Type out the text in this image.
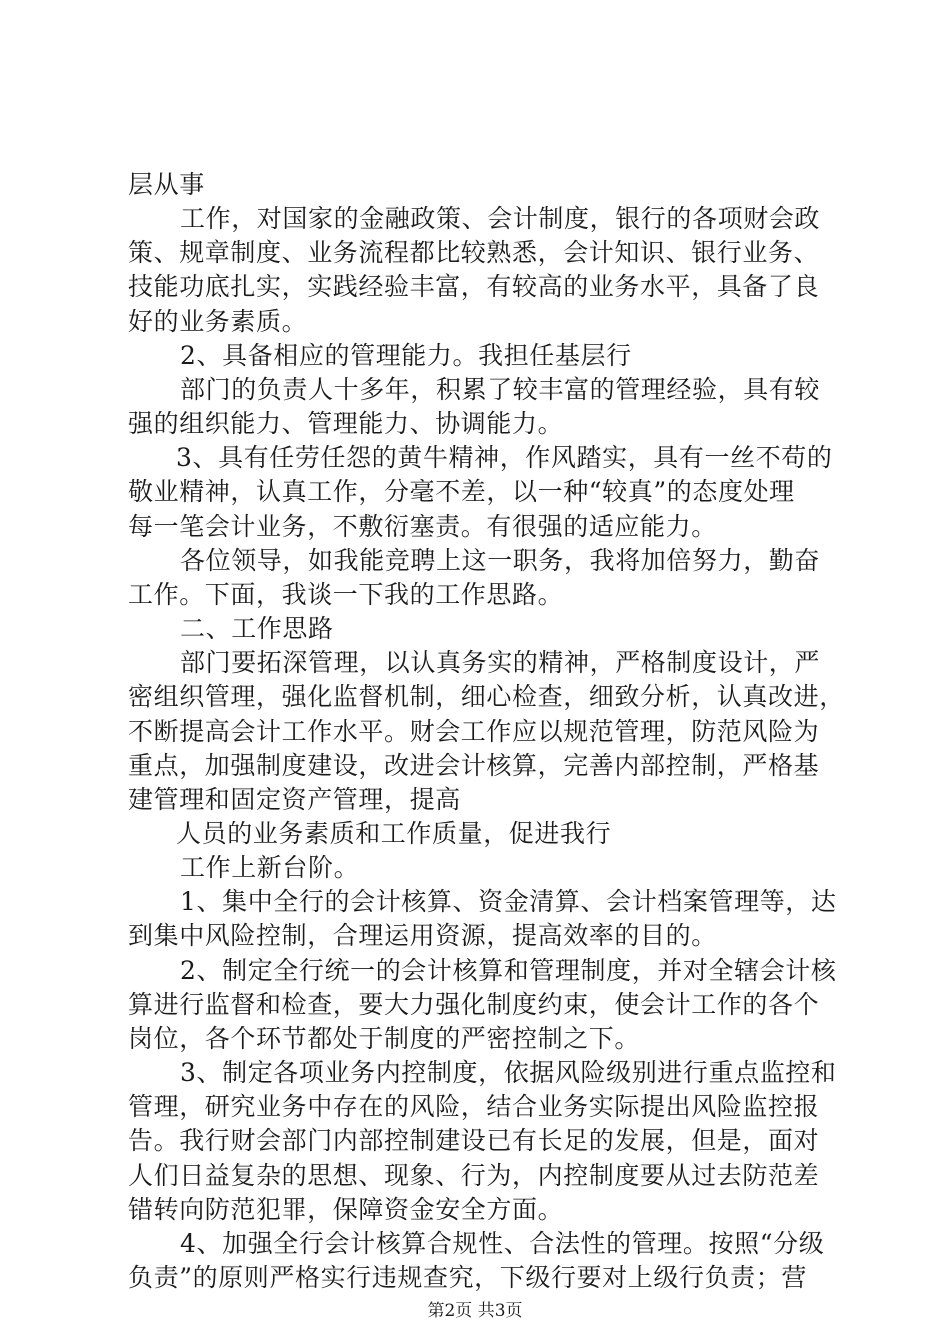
层从事
工作，对国家的金融政策、会计制度，银行的各项财会政
策、规章制度、业务流程都比较熟悉，会计知识、银行业务、
技能功底扎实，实践经验丰富，有较高的业务水平，具备了良
好的业务素质。
2、具备相应的管理能力。我担任基层行
部门的负责人十多年，积累了较丰富的管理经验，具有较
强的组织能力、管理能力、协调能力。
3、具有任劳任怨的黄牛精神，作风踏实，具有一丝不苟的
敬业精神，认真工作，分毫不差，以一种“较真”的态度处理
每一笔会计业务，不敷衍塞责。有很强的适应能力。
各位领导，如我能竞聘上这一职务，我将加倍努力，勤奋
工作。下面，我谈一下我的工作思路。
二、工作思路
部门要拓深管理，以认真务实的精神，严格制度设计，严
密组织管理，强化监督机制，细心检查，细致分析，认真改进，
不断提高会计工作水平。财会工作应以规范管理，防范风险为
重点，加强制度建设，改进会计核算，完善内部控制，严格基
建管理和固定资产管理，提高
人员的业务素质和工作质量，促进我行
工作上新台阶。
1、集中全行的会计核算、资金清算、会计档案管理等，达
到集中风险控制，合理运用资源，提高效率的目的。
2、制定全行统一的会计核算和管理制度，并对全辖会计核
算进行监督和检查，要大力强化制度约束，使会计工作的各个
岗位，各个环节都处于制度的严密控制之下。
3、制定各项业务内控制度，依据风险级别进行重点监控和
管理，研究业务中存在的风险，结合业务实际提出风险监控报
告。我行财会部门内部控制建设已有长足的发展，但是，面对
人们日益复杂的思想、现象、行为，内控制度要从过去防范差
错转向防范犯罪，保障资金安全方面。
4、加强全行会计核算合规性、合法性的管理。按照“分级
负责”的原则严格实行违规查究，下级行要对上级行负责；营
第2页 共3页
